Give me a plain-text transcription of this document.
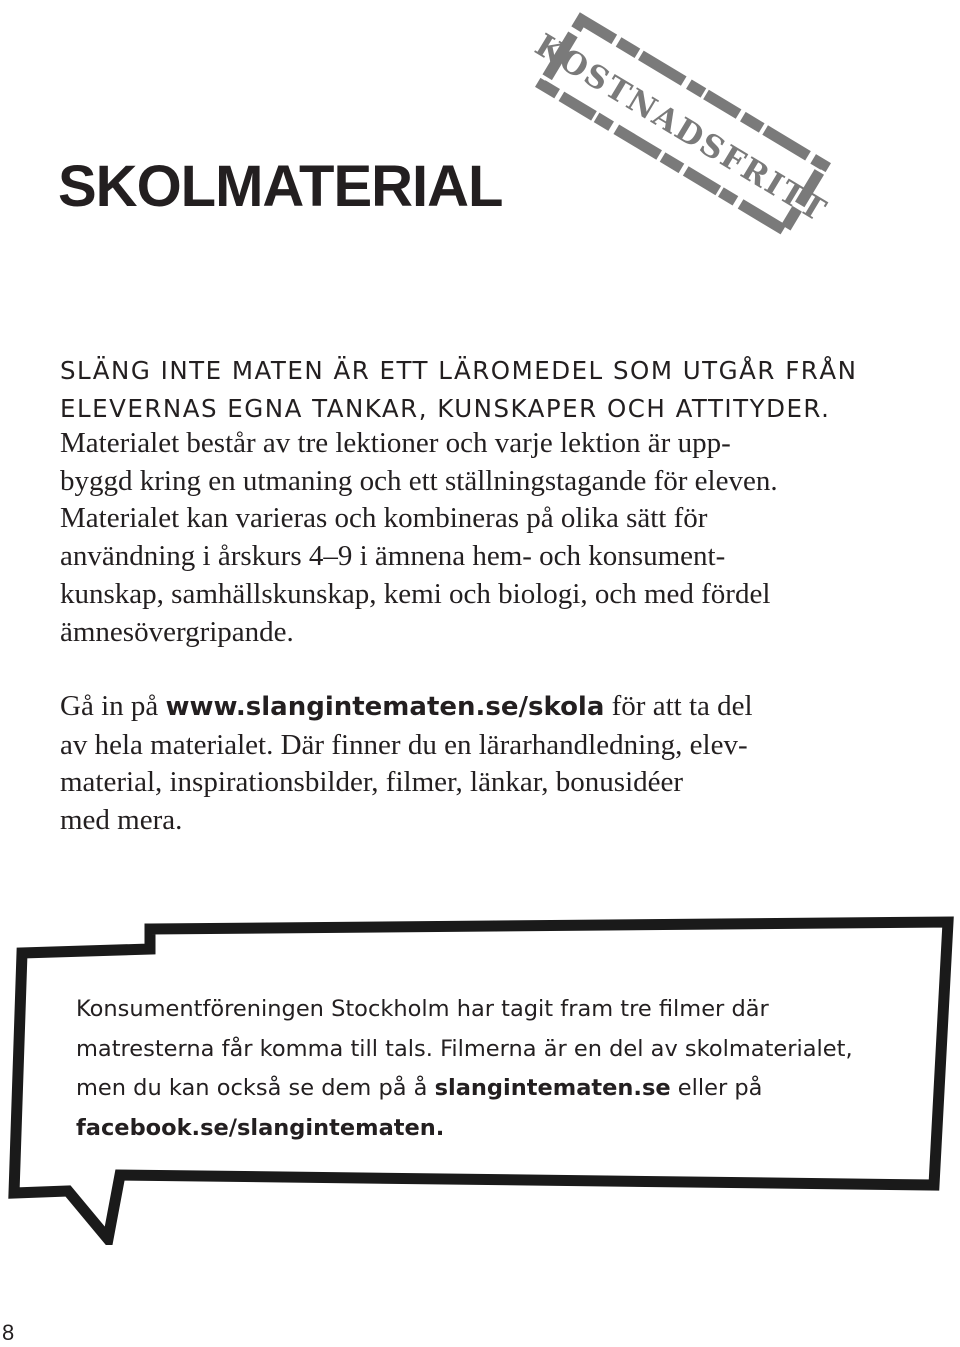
KOSTNADSFRITT
SKOLMATERIAL

SLÄNG INTE MATEN ÄR ETT LÄROMEDEL SOM UTGÅR FRÅN ELEVERNAS EGNA TANKAR, KUNSKAPER OCH ATTITYDER.

Materialet består av tre lektioner och varje lektion är upp-
byggd kring en utmaning och ett ställningstagande för eleven.
Materialet kan varieras och kombineras på olika sätt för
användning i årskurs 4–9 i ämnena hem- och konsument-
kunskap, samhällskunskap, kemi och biologi, och med fördel
ämnesövergripande.

Gå in på www.slangintematen.se/skola för att ta del
av hela materialet. Där finner du en lärarhandledning, elev-
material, inspirationsbilder, filmer, länkar, bonusidéer
med mera.

Konsumentföreningen Stockholm har tagit fram tre filmer där
matresterna får komma till tals. Filmerna är en del av skolmaterialet,
men du kan också se dem på å slangintematen.se eller på
facebook.se/slangintematen.

8
